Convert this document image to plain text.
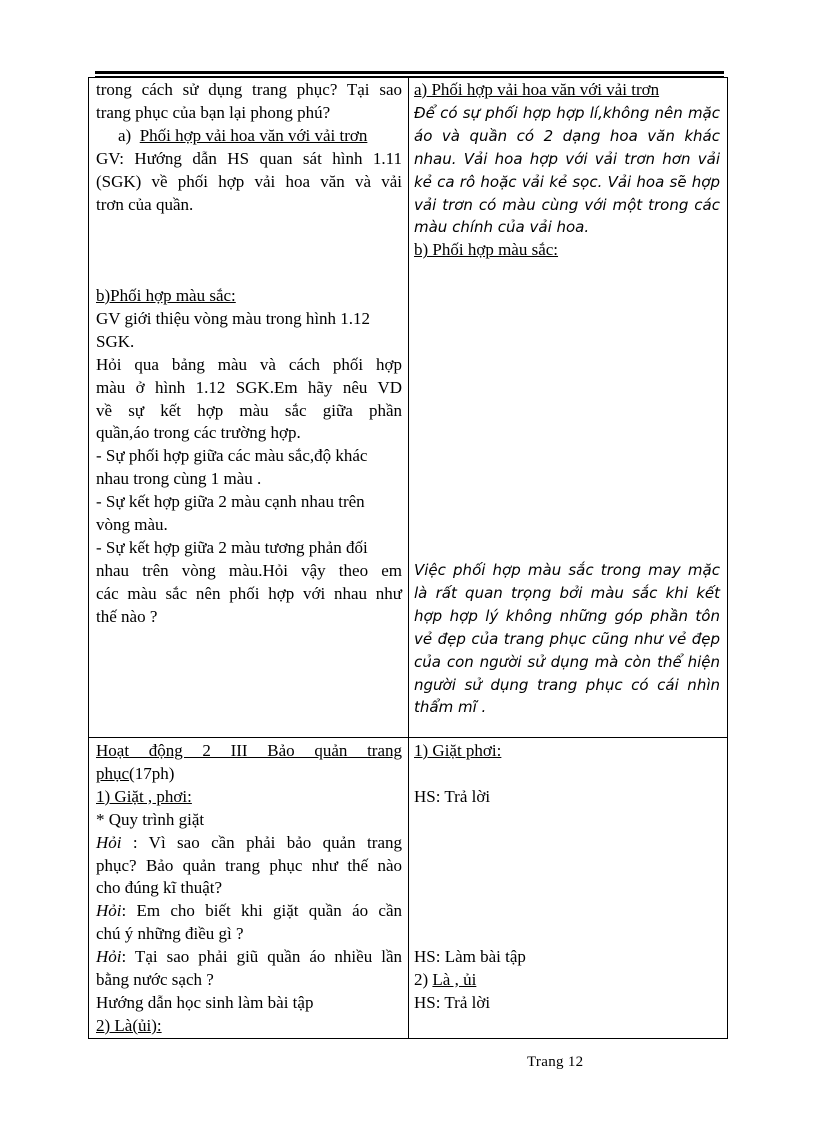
trong cách sử dụng trang phục? Tại sao

trang phục của bạn lại phong phú?

a) Phối hợp vải hoa văn với vải trơn

GV: Hướng dẫn HS quan sát hình 1.11

(SGK) về phối hợp vải hoa văn và vải

trơn của quần.

b)Phối hợp màu sắc:

GV giới thiệu vòng màu trong hình 1.12

SGK.

Hỏi qua bảng màu và cách phối hợp

màu ở hình 1.12 SGK.Em hãy nêu VD

về sự kết hợp màu sắc giữa phần

quần,áo trong các trường hợp.

- Sự phối hợp giữa các màu sắc,độ khác

nhau trong cùng 1 màu .

- Sự kết hợp giữa 2 màu cạnh nhau trên

vòng màu.

- Sự kết hợp giữa 2 màu tương phản đối

nhau trên vòng màu.Hỏi vậy theo em

các màu sắc nên phối hợp với nhau như

thế nào ?

a) Phối hợp vải hoa văn với vải trơn

Để có sự phối hợp hợp lí,không nên mặc áo và quần có 2 dạng hoa văn khác nhau. Vải hoa hợp với vải trơn hơn vải kẻ ca rô hoặc vải kẻ sọc. Vải hoa sẽ hợp vải trơn có màu cùng với một trong các màu chính của vải hoa.

b) Phối hợp màu sắc:

Việc phối hợp màu sắc trong may mặc là rất quan trọng bởi màu sắc khi kết hợp hợp lý không những góp phần tôn vẻ đẹp của trang phục cũng như vẻ đẹp của con người sử dụng mà còn thể hiện người sử dụng trang phục có cái nhìn thẩm mĩ .

Hoạt động 2 III Bảo quản trang

phục(17ph)

1) Giặt , phơi:

* Quy trình giặt

Hỏi : Vì sao cần phải bảo quản trang

phục? Bảo quản trang phục như thế nào

cho đúng kĩ thuật?

Hỏi: Em cho biết khi giặt quần áo cần

chú ý những điều gì ?

Hỏi: Tại sao phải giũ quần áo nhiều lần

bằng nước sạch ?

Hướng dẫn học sinh làm bài tập

2) Là(ủi):

1) Giặt phơi:

HS: Trả lời
HS: Làm bài tập
2) Là , ủi
HS: Trả lời
Trang 12
